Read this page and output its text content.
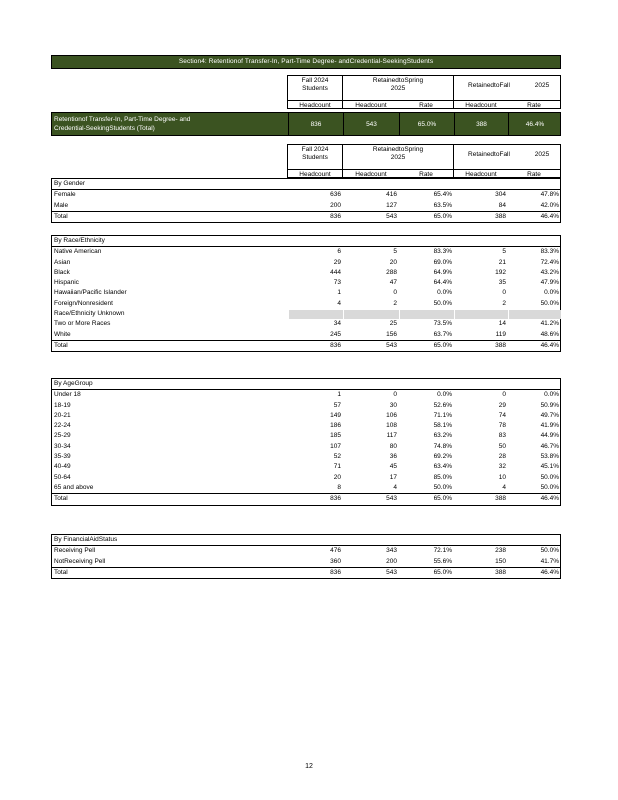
Section4: Retentionof Transfer-In, Part-Time Degree- andCredential-SeekingStudents
Fall 2024
Students
RetainedtoSpring
2025	RetainedtoFall	2025
Headcount	Headcount	Rate	Headcount	Rate
Retentionof Transfer-In, Part-Time Degree- and
Credential-SeekingStudents (Total)
836	543	65.0%	388	46.4%
Fall 2024
Students
RetainedtoSpring
2025	RetainedtoFall	2025
Headcount	Headcount	Rate	Headcount	Rate
By Gender
Female	636	416	65.4%	304	47.8%
Male	200	127	63.5%	84	42.0%
Total	836	543	65.0%	388	46.4%
By Race/Ethnicity
Native American	6	5	83.3%	5	83.3%
Asian	29	20	69.0%	21	72.4%
Black	444	288	64.9%	192	43.2%
Hispanic	73	47	64.4%	35	47.9%
Hawaiian/Pacific Islander	1	0	0.0%	0	0.0%
Foreign/Nonresident	4	2	50.0%	2	50.0%
Race/Ethnicity Unknown
Two or More Races	34	25	73.5%	14	41.2%
White	245	156	63.7%	119	48.6%
Total	836	543	65.0%	388	46.4%
By AgeGroup
Under 18	1	0	0.0%	0	0.0%
18-19	57	30	52.6%	29	50.9%
20-21	149	106	71.1%	74	49.7%
22-24	186	108	58.1%	78	41.9%
25-29	185	117	63.2%	83	44.9%
30-34	107	80	74.8%	50	46.7%
35-39	52	36	69.2%	28	53.8%
40-49	71	45	63.4%	32	45.1%
50-64	20	17	85.0%	10	50.0%
65 and above	8	4	50.0%	4	50.0%
Total	836	543	65.0%	388	46.4%
By FinancialAidStatus
Receiving Pell	476	343	72.1%	238	50.0%
NotReceiving Pell	360	200	55.6%	150	41.7%
Total	836	543	65.0%	388	46.4%
12
